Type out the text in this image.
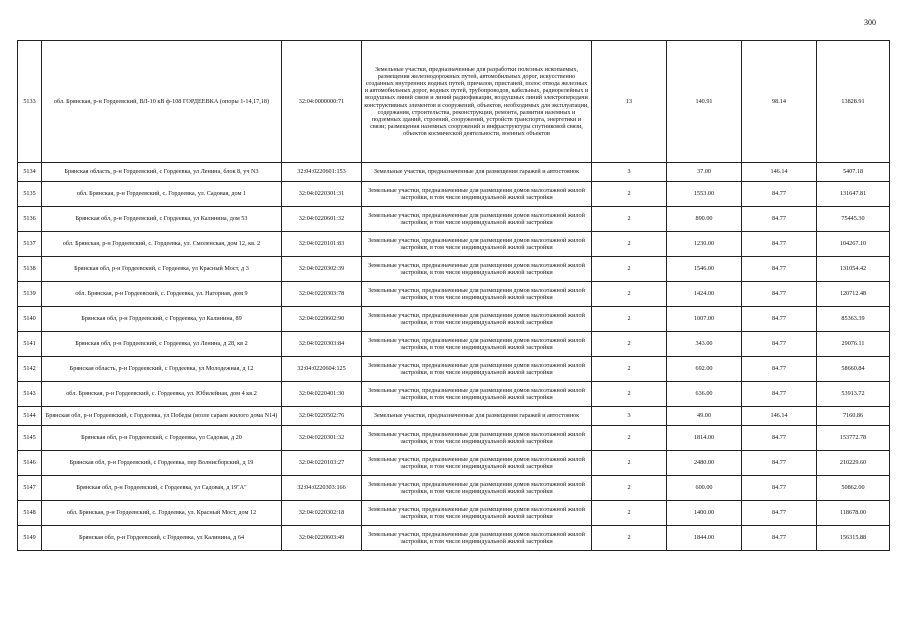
300
5133	обл. Брянская, р-н Гордеевский, ВЛ-10 кВ ф-108 ГОРДЕЕВКА (опоры 1-14,17,18)	32:04:0000000:71	Земельные участки, предназначенные для разработки полезных ископаемых, размещения железнодорожных путей, автомобильных дорог, искусственно созданных внутренних водных путей, причалов, пристаней, полос отвода железных и автомобильных дорог, водных путей, трубопроводов, кабельных, радиорелейных и воздушных линий связи и линий радиофикации, воздушных линий электропередачи конструктивных элементов и сооружений, объектов, необходимых для эксплуатации, содержания, строительства, реконструкции, ремонта, развития наземных и подземных зданий, строений, сооружений, устройств транспорта, энергетики и связи; размещения наземных сооружений и инфраструктуры спутниковой связи, объектов космической деятельности, военных объектов	13	140.91	98.14	13828.91
5134	Брянская область, р-н Гордеевский, с Гордеевка, ул Ленина, блок 8, уч N3	32:04:0220601:153	Земельные участки, предназначенные для размещения гаражей и автостоянок	3	37.00	146.14	5407.18
5135	обл. Брянская, р-н Гордеевский, с. Гордеевка, ул. Садовая, дом 1	32:04:0220301:31	Земельные участки, предназначенные для размещения домов малоэтажной жилой застройки, в том числе индивидуальной жилой застройки	2	1553.00	84.77	131647.81
5136	Брянская обл, р-н Гордеевский, с Гордеевка, ул Калинина, дом 53	32:04:0220601:32	Земельные участки, предназначенные для размещения домов малоэтажной жилой застройки, в том числе индивидуальной жилой застройки	2	890.00	84.77	75445.30
5137	обл. Брянская, р-н Гордеевский, с. Гордеевка, ул. Смоленская, дом 12, кв. 2	32:04:0220101:83	Земельные участки, предназначенные для размещения домов малоэтажной жилой застройки, в том числе индивидуальной жилой застройки	2	1230.00	84.77	104267.10
5138	Брянская обл, р-н Гордеевский, с Гордеевка, ул Красный Мост, д 3	32:04:0220302:39	Земельные участки, предназначенные для размещения домов малоэтажной жилой застройки, в том числе индивидуальной жилой застройки	2	1546.00	84.77	131054.42
5139	обл. Брянская, р-н Гордеевский, с. Гордеевка, ул. Нагорная, дом 9	32:04:0220303:78	Земельные участки, предназначенные для размещения домов малоэтажной жилой застройки, в том числе индивидуальной жилой застройки	2	1424.00	84.77	120712.48
5140	Брянская обл, р-н Гордеевский, с Гордеевка, ул Калинина, 89	32:04:0220602:90	Земельные участки, предназначенные для размещения домов малоэтажной жилой застройки, в том числе индивидуальной жилой застройки	2	1007.00	84.77	85363.39
5141	Брянская обл, р-н Гордеевский, с Гордеевка, ул Ленина, д 28, кв 2	32:04:0220303:84	Земельные участки, предназначенные для размещения домов малоэтажной жилой застройки, в том числе индивидуальной жилой застройки	2	343.00	84.77	29076.11
5142	Брянская область, р-н Гордеевский, с Гордеевка, ул Молодежная, д 12	32:04:0220604:125	Земельные участки, предназначенные для размещения домов малоэтажной жилой застройки, в том числе индивидуальной жилой застройки	2	692.00	84.77	58660.84
5143	обл. Брянская, р-н Гордеевский, с. Гордеевка, ул. Юбилейная, дом 4 кв.2	32:04:0220401:30	Земельные участки, предназначенные для размещения домов малоэтажной жилой застройки, в том числе индивидуальной жилой застройки	2	636.00	84.77	53913.72
5144	Брянская обл, р-н Гордеевский, с Гордеевка, ул Победы (возле сараев жилого дома N14)	32:04:0220502:76	Земельные участки, предназначенные для размещения гаражей и автостоянок	3	49.00	146.14	7160.86
5145	Брянская обл, р-н Гордеевский, с Гордеевка, ул Садовая, д 20	32:04:0220301:32	Земельные участки, предназначенные для размещения домов малоэтажной жилой застройки, в том числе индивидуальной жилой застройки	2	1814.00	84.77	153772.78
5146	Брянская обл, р-н Гордеевский, с Гордеевка, пер Волнисборский, д 19	32:04:0220103:27	Земельные участки, предназначенные для размещения домов малоэтажной жилой застройки, в том числе индивидуальной жилой застройки	2	2480.00	84.77	210229.60
5147	Брянская обл, р-н Гордеевский, с Гордеевка, ул Садовая, д 19"А"	32:04:0220303:166	Земельные участки, предназначенные для размещения домов малоэтажной жилой застройки, в том числе индивидуальной жилой застройки	2	600.00	84.77	50862.00
5148	обл. Брянская, р-н Гордеевский, с. Гордеевка, ул. Красный Мост, дом 12	32:04:0220302:18	Земельные участки, предназначенные для размещения домов малоэтажной жилой застройки, в том числе индивидуальной жилой застройки	2	1400.00	84.77	118678.00
5149	Брянская обл, р-н Гордеевский, с Гордеевка, ул Калинина, д 64	32:04:0220603:49	Земельные участки, предназначенные для размещения домов малоэтажной жилой застройки, в том числе индивидуальной жилой застройки	2	1844.00	84.77	156315.88
